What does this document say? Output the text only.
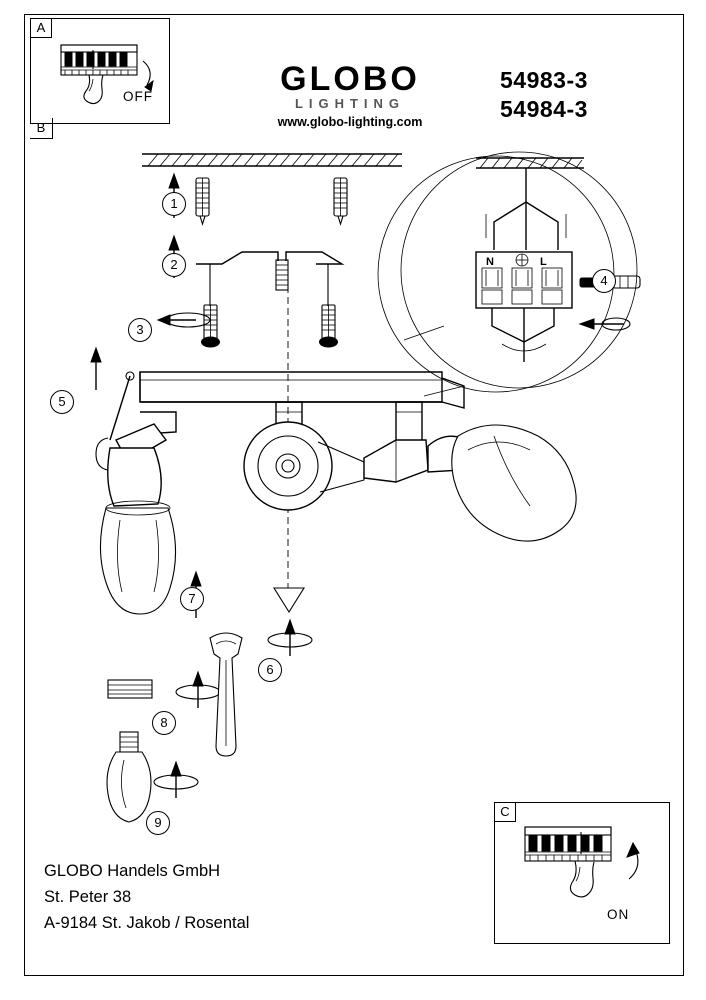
A
OFF	GLOBO
LIGHTING
www.globo-lighting.com
54983-3
54984-3
B
N	L
1
2
3
4
5
6
7
8
9
C
ON
GLOBO Handels GmbH
St. Peter 38
A-9184 St. Jakob / Rosental
